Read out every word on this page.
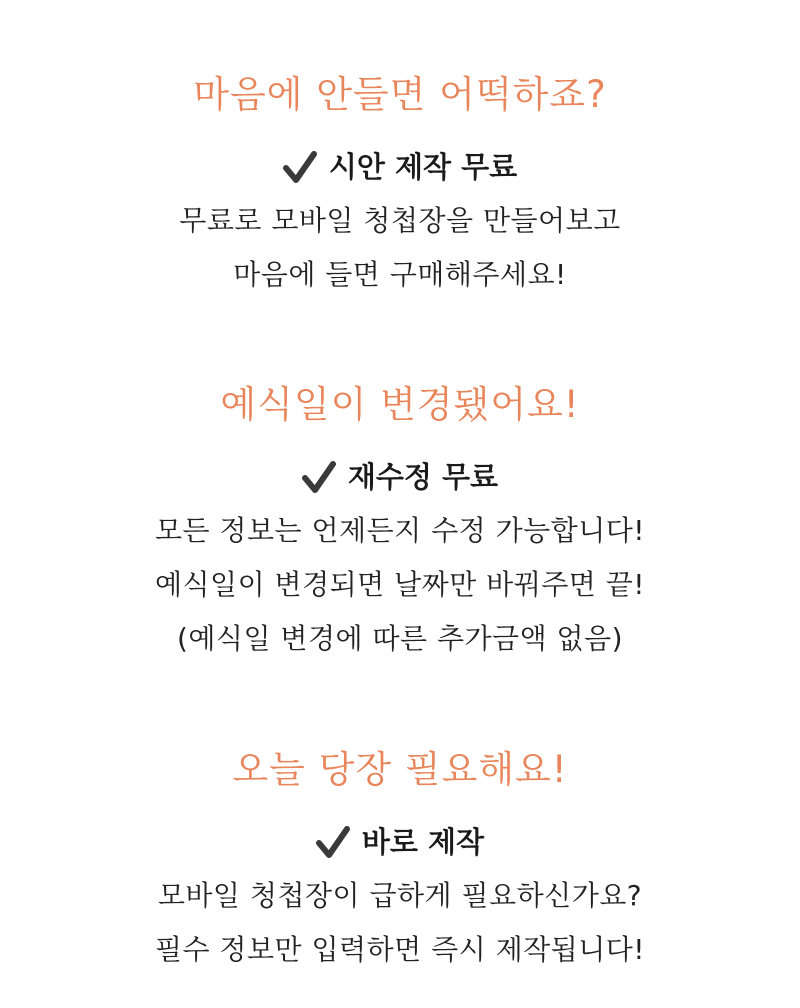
마음에 안들면 어떡하죠?
시안 제작 무료
무료로 모바일 청첩장을 만들어보고
마음에 들면 구매해주세요!
예식일이 변경됐어요!
재수정 무료
모든 정보는 언제든지 수정 가능합니다!
예식일이 변경되면 날짜만 바꿔주면 끝!
(예식일 변경에 따른 추가금액 없음)
오늘 당장 필요해요!
바로 제작
모바일 청첩장이 급하게 필요하신가요?
필수 정보만 입력하면 즉시 제작됩니다!
